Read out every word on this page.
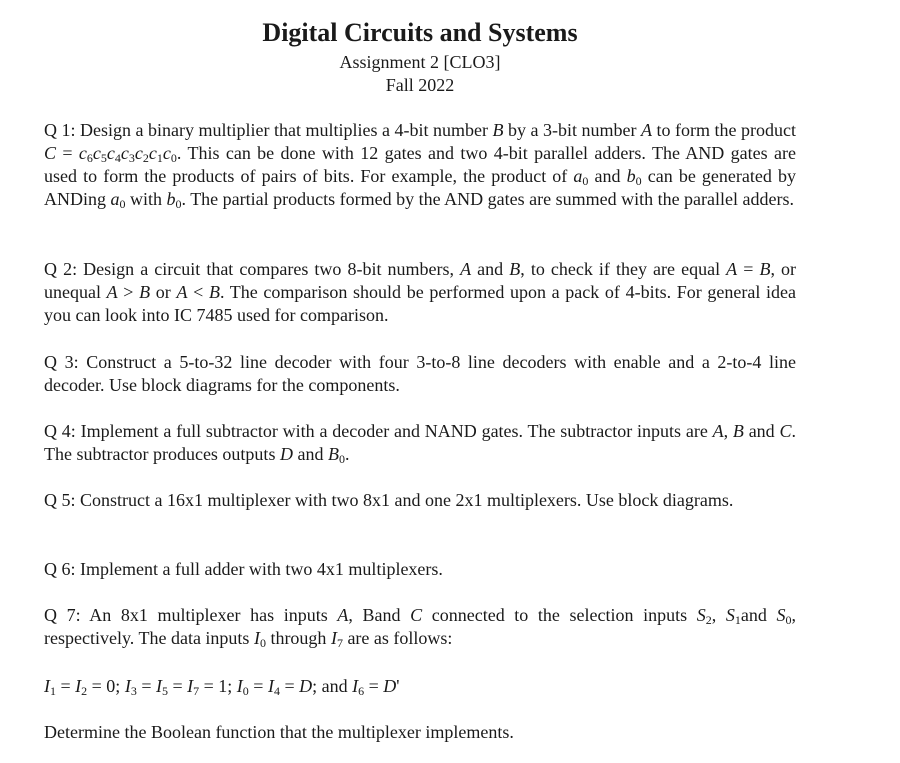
Digital Circuits and Systems
Assignment 2 [CLO3]
Fall 2022

Q 1: Design a binary multiplier that multiplies a 4-bit number B by a 3-bit number A to form the product $C = c_6c_5c_4c_3c_2c_1c_0$. This can be done with 12 gates and two 4-bit parallel adders. The AND gates are used to form the products of pairs of bits. For example, the product of $a_0$ and $b_0$ can be generated by ANDing $a_0$ with $b_0$. The partial products formed by the AND gates are summed with the parallel adders.

Q 2: Design a circuit that compares two 8-bit numbers, A and B, to check if they are equal A = B, or unequal A > B or A < B. The comparison should be performed upon a pack of 4-bits. For general idea you can look into IC 7485 used for comparison.

Q 3: Construct a 5-to-32 line decoder with four 3-to-8 line decoders with enable and a 2-to-4 line decoder. Use block diagrams for the components.

Q 4: Implement a full subtractor with a decoder and NAND gates. The subtractor inputs are A, B and C. The subtractor produces outputs D and $B_0$.

Q 5: Construct a 16x1 multiplexer with two 8x1 and one 2x1 multiplexers. Use block diagrams.

Q 6: Implement a full adder with two 4x1 multiplexers.

Q 7: An 8x1 multiplexer has inputs A, Band C connected to the selection inputs $S_2$, $S_1and$ $S_0$, respectively. The data inputs $I_0$ through $I_7$ are as follows:

$I_1 = I_2 = 0$; $I_3 = I_5 = I_7 = 1$; $I_0 = I_4 = D$; and $I_6 = D'$

Determine the Boolean function that the multiplexer implements.
